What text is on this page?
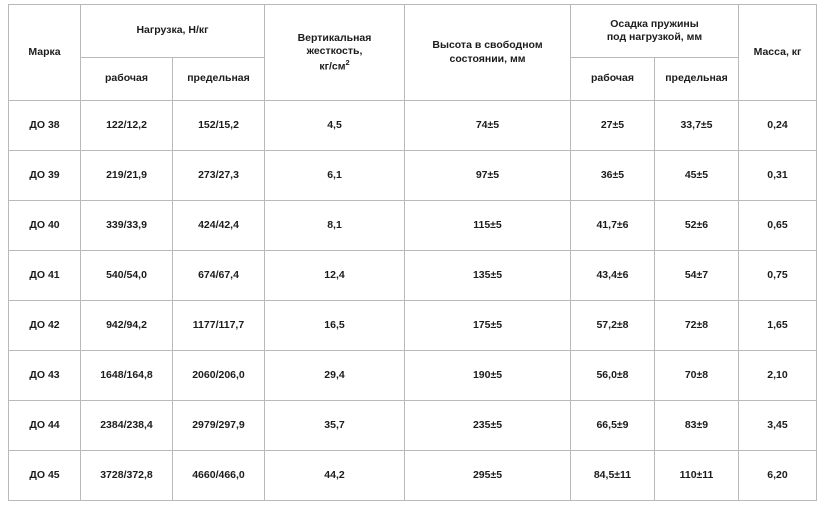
Марка	Нагрузка, Н/кг		Вертикальная
жесткость,
$кг/см^2$	Высота в свободном
состоянии, мм	Осадка пружины
под нагрузкой, мм		Масса, кг
	рабочая	предельная			рабочая	предельная	
ДО 38	122/12,2	152/15,2	4,5	74±5	27±5	33,7±5	0,24
ДО 39	219/21,9	273/27,3	6,1	97±5	36±5	45±5	0,31
ДО 40	339/33,9	424/42,4	8,1	115±5	41,7±6	52±6	0,65
ДО 41	540/54,0	674/67,4	12,4	135±5	43,4±6	54±7	0,75
ДО 42	942/94,2	1177/117,7	16,5	175±5	57,2±8	72±8	1,65
ДО 43	1648/164,8	2060/206,0	29,4	190±5	56,0±8	70±8	2,10
ДО 44	2384/238,4	2979/297,9	35,7	235±5	66,5±9	83±9	3,45
ДО 45	3728/372,8	4660/466,0	44,2	295±5	84,5±11	110±11	6,20
